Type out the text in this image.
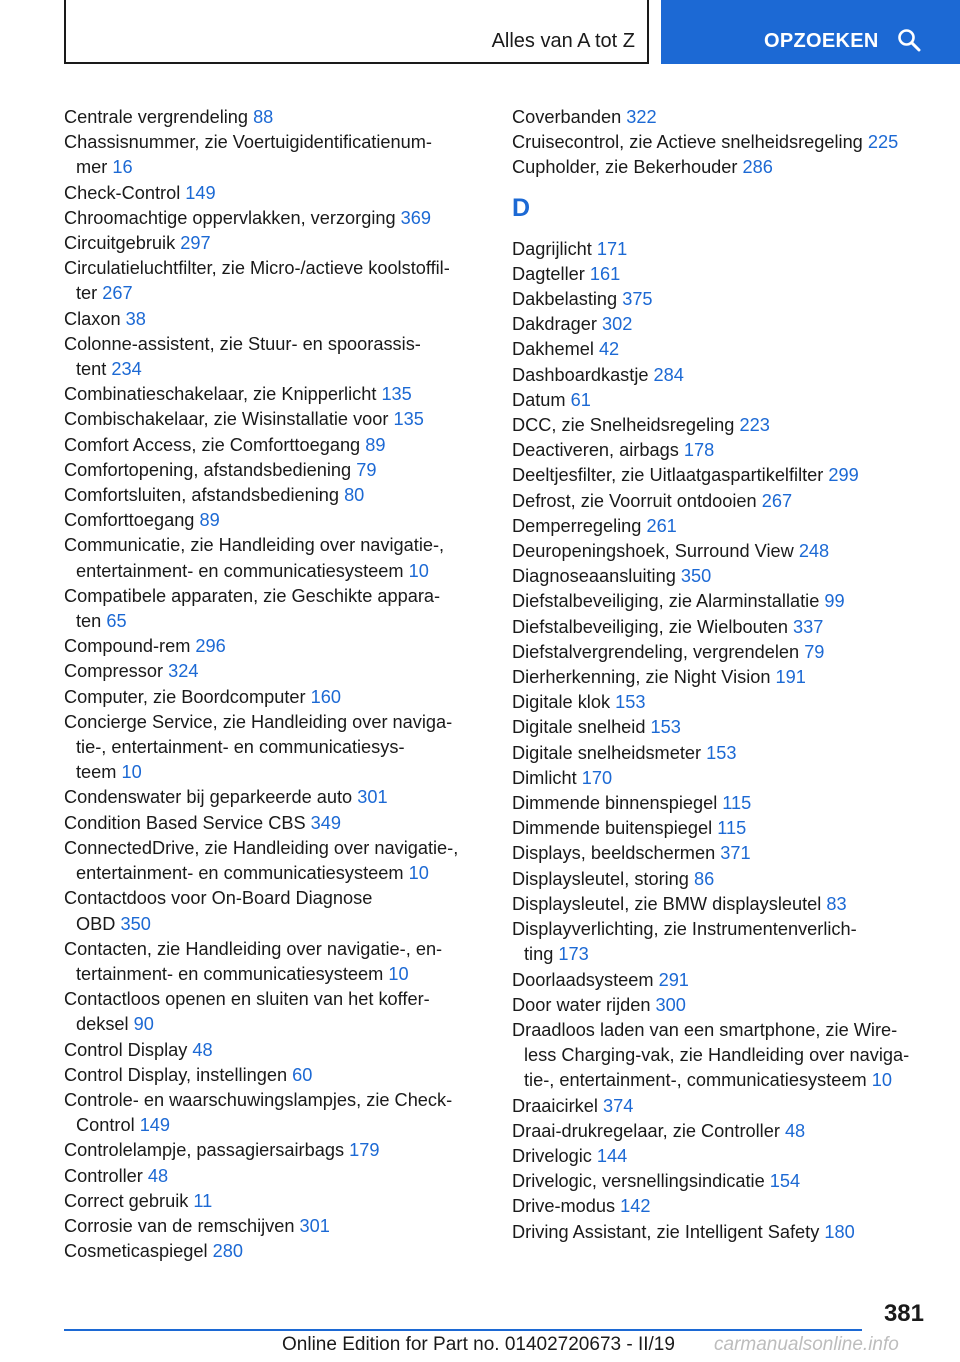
Alles van A tot Z	OPZOEKEN
Centrale vergrendeling 88
Chassisnummer, zie Voertuigidentificatienum-
mer 16
Check-Control 149
Chroomachtige oppervlakken, verzorging 369
Circuitgebruik 297
Circulatieluchtfilter, zie Micro-/actieve koolstoffil-
ter 267
Claxon 38
Colonne-assistent, zie Stuur- en spoorassis-
tent 234
Combinatieschakelaar, zie Knipperlicht 135
Combischakelaar, zie Wisinstallatie voor 135
Comfort Access, zie Comforttoegang 89
Comfortopening, afstandsbediening 79
Comfortsluiten, afstandsbediening 80
Comforttoegang 89
Communicatie, zie Handleiding over navigatie-,
entertainment- en communicatiesysteem 10
Compatibele apparaten, zie Geschikte appara-
ten 65
Compound-rem 296
Compressor 324
Computer, zie Boordcomputer 160
Concierge Service, zie Handleiding over naviga-
tie-, entertainment- en communicatiesys-
teem 10
Condenswater bij geparkeerde auto 301
Condition Based Service CBS 349
ConnectedDrive, zie Handleiding over navigatie-,
entertainment- en communicatiesysteem 10
Contactdoos voor On-Board Diagnose
OBD 350
Contacten, zie Handleiding over navigatie-, en-
tertainment- en communicatiesysteem 10
Contactloos openen en sluiten van het koffer-
deksel 90
Control Display 48
Control Display, instellingen 60
Controle- en waarschuwingslampjes, zie Check-
Control 149
Controlelampje, passagiersairbags 179
Controller 48
Correct gebruik 11
Corrosie van de remschijven 301
Cosmeticaspiegel 280
Coverbanden 322
Cruisecontrol, zie Actieve snelheidsregeling 225
Cupholder, zie Bekerhouder 286
D
Dagrijlicht 171
Dagteller 161
Dakbelasting 375
Dakdrager 302
Dakhemel 42
Dashboardkastje 284
Datum 61
DCC, zie Snelheidsregeling 223
Deactiveren, airbags 178
Deeltjesfilter, zie Uitlaatgaspartikelfilter 299
Defrost, zie Voorruit ontdooien 267
Demperregeling 261
Deuropeningshoek, Surround View 248
Diagnoseaansluiting 350
Diefstalbeveiliging, zie Alarminstallatie 99
Diefstalbeveiliging, zie Wielbouten 337
Diefstalvergrendeling, vergrendelen 79
Dierherkenning, zie Night Vision 191
Digitale klok 153
Digitale snelheid 153
Digitale snelheidsmeter 153
Dimlicht 170
Dimmende binnenspiegel 115
Dimmende buitenspiegel 115
Displays, beeldschermen 371
Displaysleutel, storing 86
Displaysleutel, zie BMW displaysleutel 83
Displayverlichting, zie Instrumentenverlich-
ting 173
Doorlaadsysteem 291
Door water rijden 300
Draadloos laden van een smartphone, zie Wire-
less Charging-vak, zie Handleiding over naviga-
tie-, entertainment-, communicatiesysteem 10
Draaicirkel 374
Draai-drukregelaar, zie Controller 48
Drivelogic 144
Drivelogic, versnellingsindicatie 154
Drive-modus 142
Driving Assistant, zie Intelligent Safety 180
381
Online Edition for Part no. 01402720673 - II/19 carmanualsonline.info
